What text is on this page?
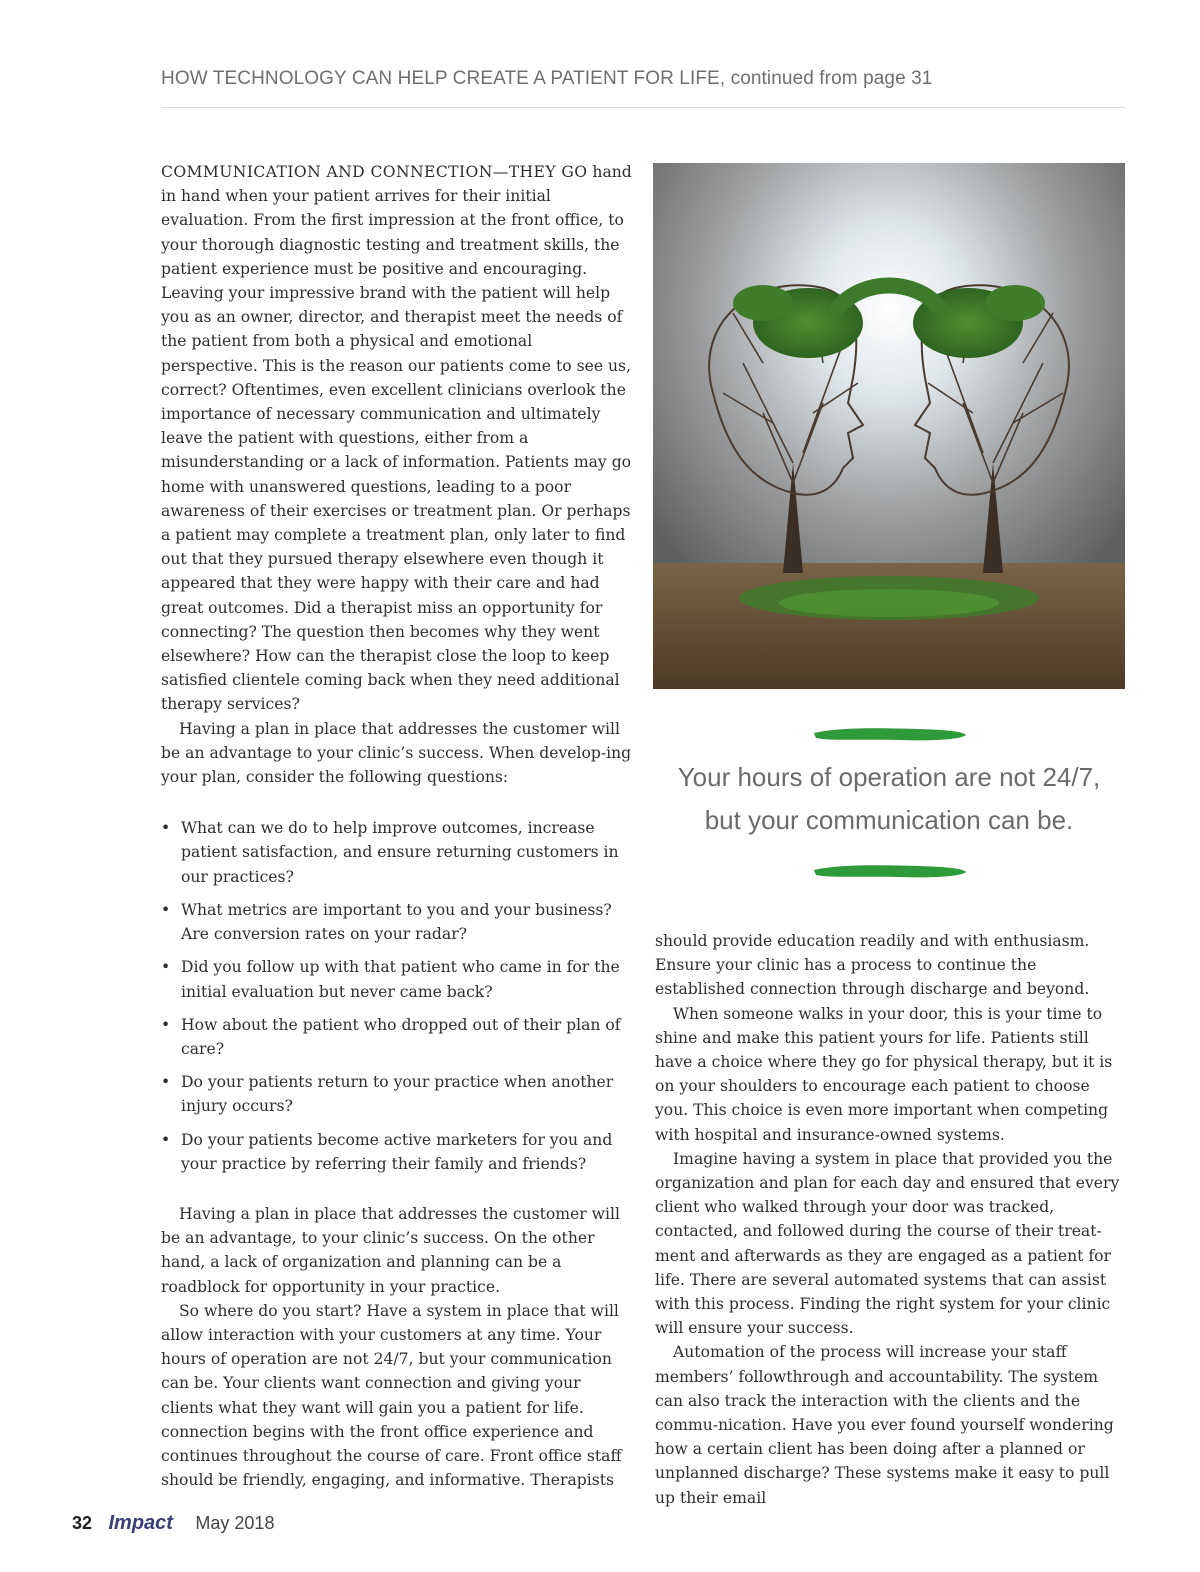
HOW TECHNOLOGY CAN HELP CREATE A PATIENT FOR LIFE, continued from page 31

COMMUNICATION AND CONNECTION—THEY GO hand in hand when your patient arrives for their initial evaluation. From the first impression at the front office, to your thorough diagnostic testing and treatment skills, the patient experience must be positive and encouraging. Leaving your impressive brand with the patient will help you as an owner, director, and therapist meet the needs of the patient from both a physical and emotional perspective. This is the reason our patients come to see us, correct? Oftentimes, even excellent clinicians overlook the importance of necessary communication and ultimately leave the patient with questions, either from a misunderstanding or a lack of information. Patients may go home with unanswered questions, leading to a poor awareness of their exercises or treatment plan. Or perhaps a patient may complete a treatment plan, only later to find out that they pursued therapy elsewhere even though it appeared that they were happy with their care and had great outcomes. Did a therapist miss an opportunity for connecting? The question then becomes why they went elsewhere? How can the therapist close the loop to keep satisfied clientele coming back when they need additional therapy services?

Having a plan in place that addresses the customer will be an advantage to your clinic’s success. When develop-ing your plan, consider the following questions:

• What can we do to help improve outcomes, increase patient satisfaction, and ensure returning customers in our practices?
• What metrics are important to you and your business? Are conversion rates on your radar?
• Did you follow up with that patient who came in for the initial evaluation but never came back?
• How about the patient who dropped out of their plan of care?
• Do your patients return to your practice when another injury occurs?
• Do your patients become active marketers for you and your practice by referring their family and friends?

Having a plan in place that addresses the customer will be an advantage, to your clinic’s success. On the other hand, a lack of organization and planning can be a roadblock for opportunity in your practice.

So where do you start? Have a system in place that will allow interaction with your customers at any time. Your hours of operation are not 24/7, but your communication can be. Your clients want connection and giving your clients what they want will gain you a patient for life. connection begins with the front office experience and continues throughout the course of care. Front office staff should be friendly, engaging, and informative. Therapists

Your hours of operation are not 24/7,
but your communication can be.

should provide education readily and with enthusiasm. Ensure your clinic has a process to continue the established connection through discharge and beyond.

When someone walks in your door, this is your time to shine and make this patient yours for life. Patients still have a choice where they go for physical therapy, but it is on your shoulders to encourage each patient to choose you. This choice is even more important when competing with hospital and insurance-owned systems.

Imagine having a system in place that provided you the organization and plan for each day and ensured that every client who walked through your door was tracked, contacted, and followed during the course of their treat-ment and afterwards as they are engaged as a patient for life. There are several automated systems that can assist with this process. Finding the right system for your clinic will ensure your success.

Automation of the process will increase your staff members’ followthrough and accountability. The system can also track the interaction with the clients and the commu-nication. Have you ever found yourself wondering how a certain client has been doing after a planned or unplanned discharge? These systems make it easy to pull up their email

32 Impact May 2018
